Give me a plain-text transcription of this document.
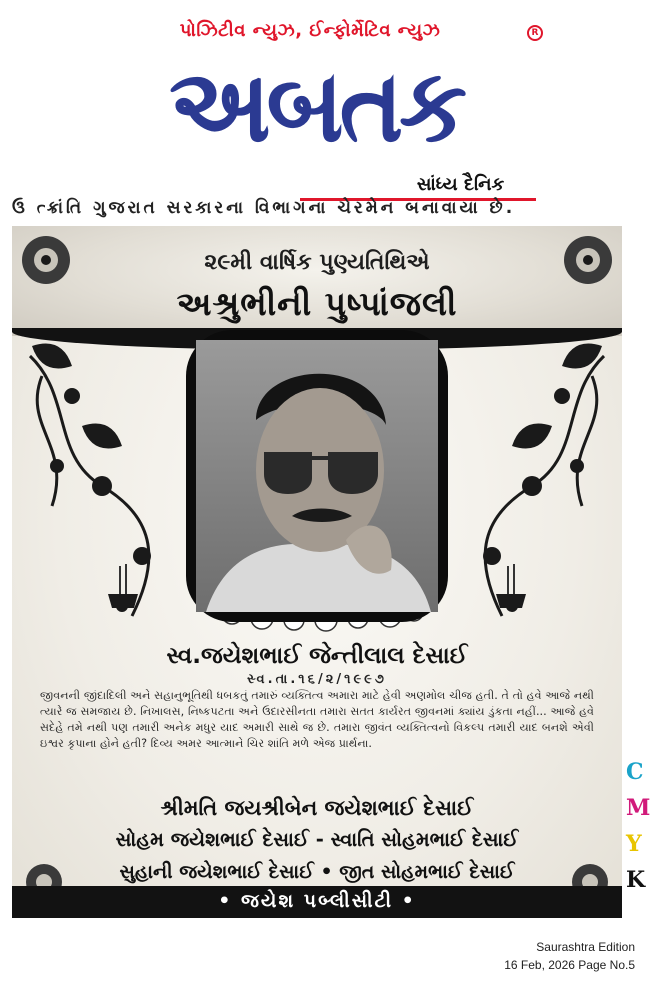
પોઝિટીવ ન્યુઝ, ઈન્ફોર્મેટિવ ન્યુઝ	R
અબતક
સાંધ્ય દૈનિક
ઉ ત્ક્રાંતિ ગુજરાત સરકારના વિભાગના ચેરમેન બનાવાયા છે.
૨૯મી વાર્ષિક પુણ્યતિથિએ
અશ્રુભીની પુષ્પાંજલી
સ્વ.જયેશભાઈ જેન્તીલાલ દેસાઈ
સ્વ.તા.૧૬/૨/૧૯૯૭
જીવનની જીંદાદિલી અને સહાનુભૂતિથી ધબકતું તમારું વ્યક્તિત્વ અમારા માટે હેવી અણમોલ ચીજ હતી. તે તો હવે આજે નથી ત્યારે જ સમજાય છે. નિખાલસ, નિષ્કપટતા અને ઉદારસીનતા તમારા સતત કાર્યરત જીવનમાં ક્યાંય ડુંકતા નહીં... આજે હવે સદેહે તમે નથી પણ તમારી અનેક મધુર યાદ અમારી સાથે જ છે. તમારા જીવંત વ્યક્તિત્વનો વિકલ્પ તમારી યાદ બનશે એવી ઇશ્વર કૃપાના હોને હતી? દિવ્ય અમર આત્માને ચિર શાંતિ મળે એજ પ્રાર્થના.
શ્રીમતિ જયશ્રીબેન જયેશભાઈ દેસાઈ
સોહમ જયેશભાઈ દેસાઈ - સ્વાતિ સોહમભાઈ દેસાઈ
સુહાની જયેશભાઈ દેસાઈ • જીત સોહમભાઈ દેસાઈ
• જયેશ પબ્લીસીટી •
C
M
Y
K
Saurashtra Edition
16 Feb, 2026 Page No.5
